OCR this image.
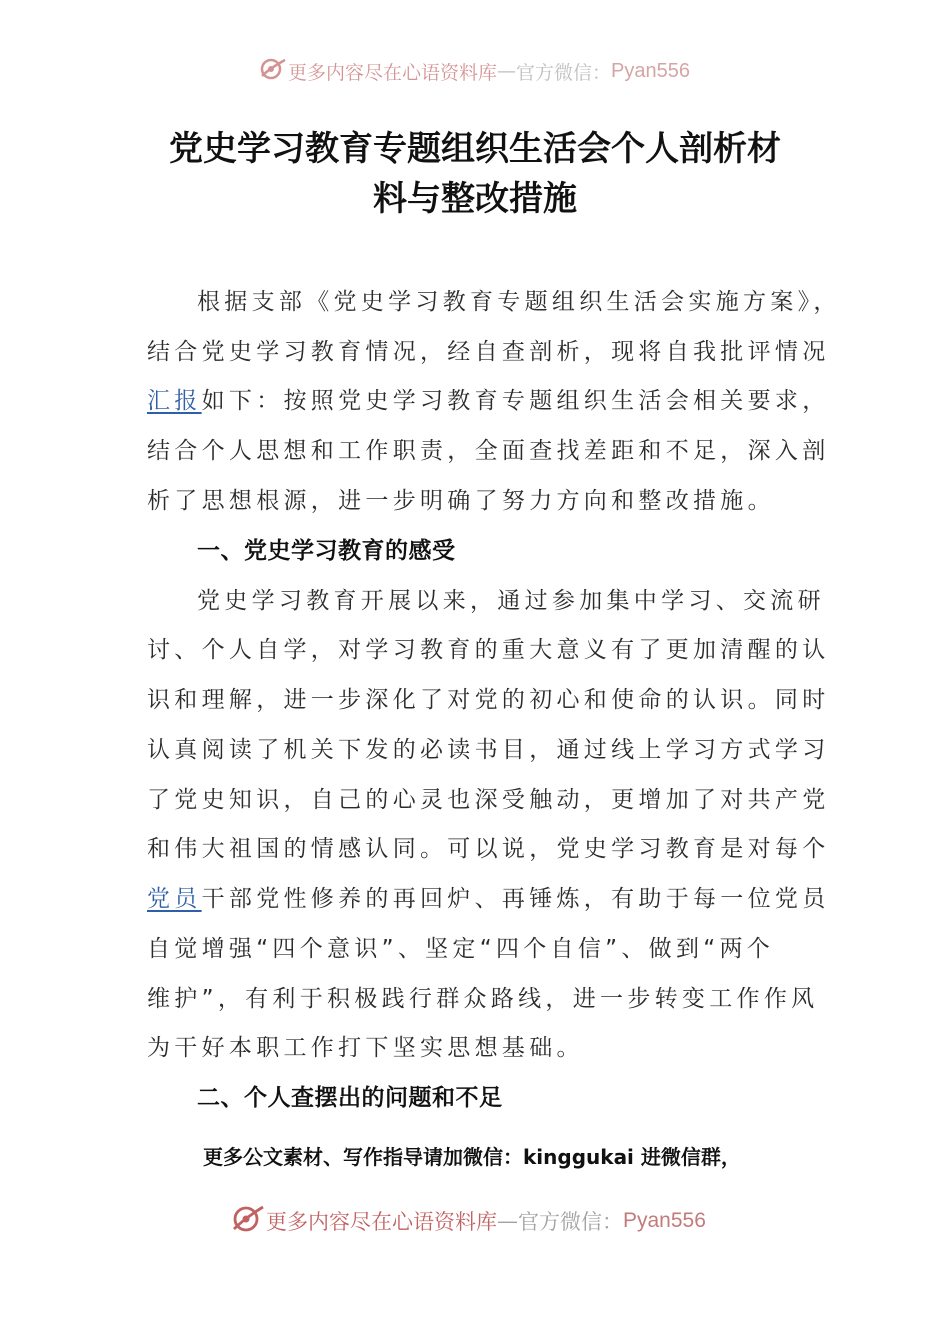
更多内容尽在心语资料库 — 官方微信： Pyan556
党史学习教育专题组织生活会个人剖析材
料与整改措施
根据支部《党史学习教育专题组织生活会实施方案》，
结合党史学习教育情况，经自查剖析，现将自我批评情况
汇报如下：按照党史学习教育专题组织生活会相关要求，
结合个人思想和工作职责，全面查找差距和不足，深入剖
析了思想根源，进一步明确了努力方向和整改措施。
一、党史学习教育的感受
党史学习教育开展以来，通过参加集中学习、交流研
讨、个人自学，对学习教育的重大意义有了更加清醒的认
识和理解，进一步深化了对党的初心和使命的认识。同时
认真阅读了机关下发的必读书目，通过线上学习方式学习
了党史知识，自己的心灵也深受触动，更增加了对共产党
和伟大祖国的情感认同。可以说，党史学习教育是对每个
党员干部党性修养的再回炉、再锤炼，有助于每一位党员
自觉增强“四个意识”、坚定“四个自信”、做到“两个
维护”，有利于积极践行群众路线，进一步转变工作作风
为干好本职工作打下坚实思想基础。
二、个人查摆出的问题和不足
更多公文素材、写作指导请加微信：kinggukai 进微信群，
更多内容尽在心语资料库 — 官方微信： Pyan556
